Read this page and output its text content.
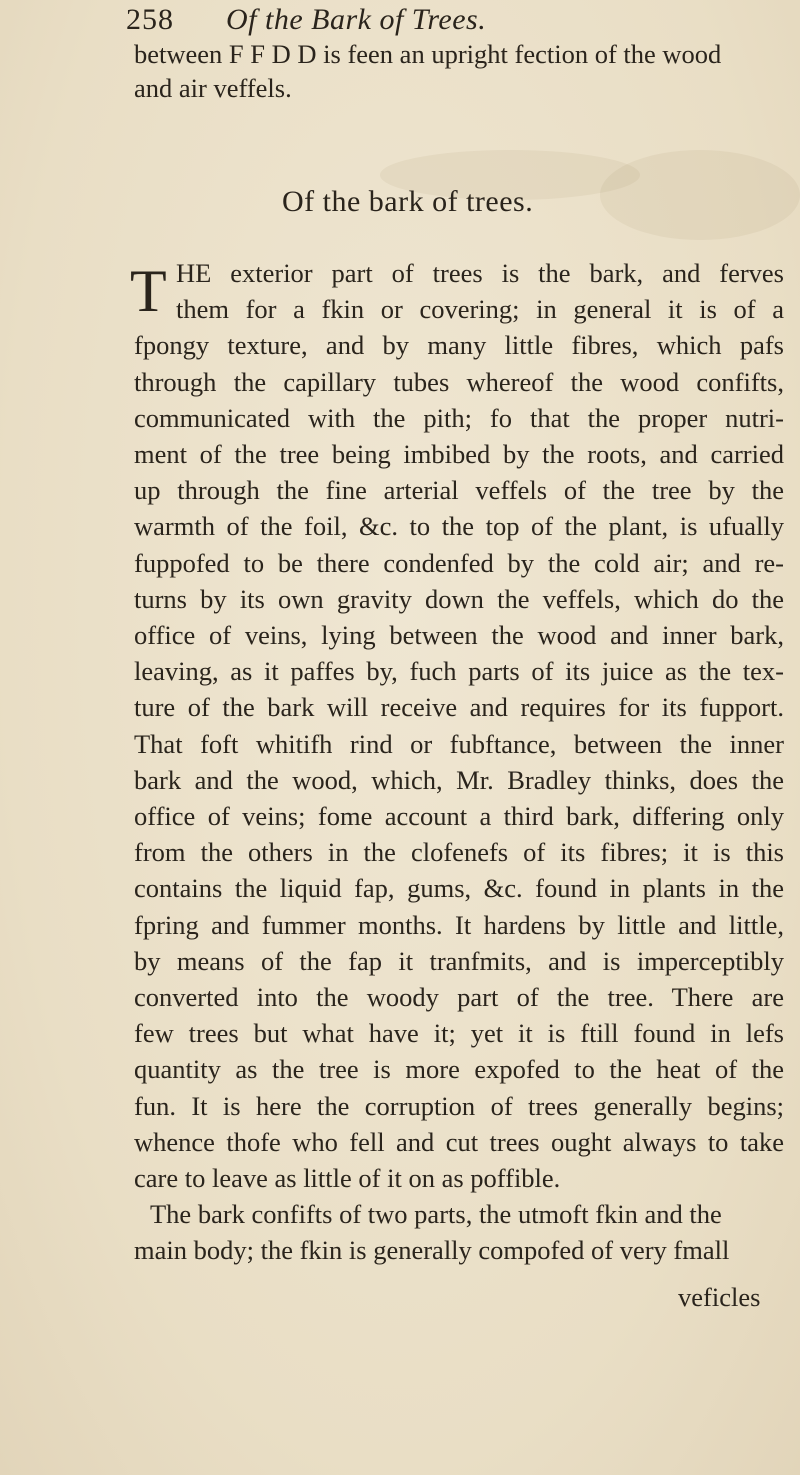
258 Of the Bark of Trees.
between F F D D is feen an upright fection of the wood
and air veffels.
Of the bark of trees.
T HE exterior part of trees is the bark, and ferves
them for a fkin or covering; in general it is of a
fpongy texture, and by many little fibres, which pafs
through the capillary tubes whereof the wood confifts,
communicated with the pith; fo that the proper nutri-
ment of the tree being imbibed by the roots, and carried
up through the fine arterial veffels of the tree by the
warmth of the foil, &c. to the top of the plant, is ufually
fuppofed to be there condenfed by the cold air; and re-
turns by its own gravity down the veffels, which do the
office of veins, lying between the wood and inner bark,
leaving, as it paffes by, fuch parts of its juice as the tex-
ture of the bark will receive and requires for its fupport.
That foft whitifh rind or fubftance, between the inner
bark and the wood, which, Mr. Bradley thinks, does the
office of veins; fome account a third bark, differing only
from the others in the clofenefs of its fibres; it is this
contains the liquid fap, gums, &c. found in plants in the
fpring and fummer months. It hardens by little and little,
by means of the fap it tranfmits, and is imperceptibly
converted into the woody part of the tree. There are
few trees but what have it; yet it is ftill found in lefs
quantity as the tree is more expofed to the heat of the
fun. It is here the corruption of trees generally begins;
whence thofe who fell and cut trees ought always to take
care to leave as little of it on as poffible.
The bark confifts of two parts, the utmoft fkin and the
main body; the fkin is generally compofed of very fmall
veficles
